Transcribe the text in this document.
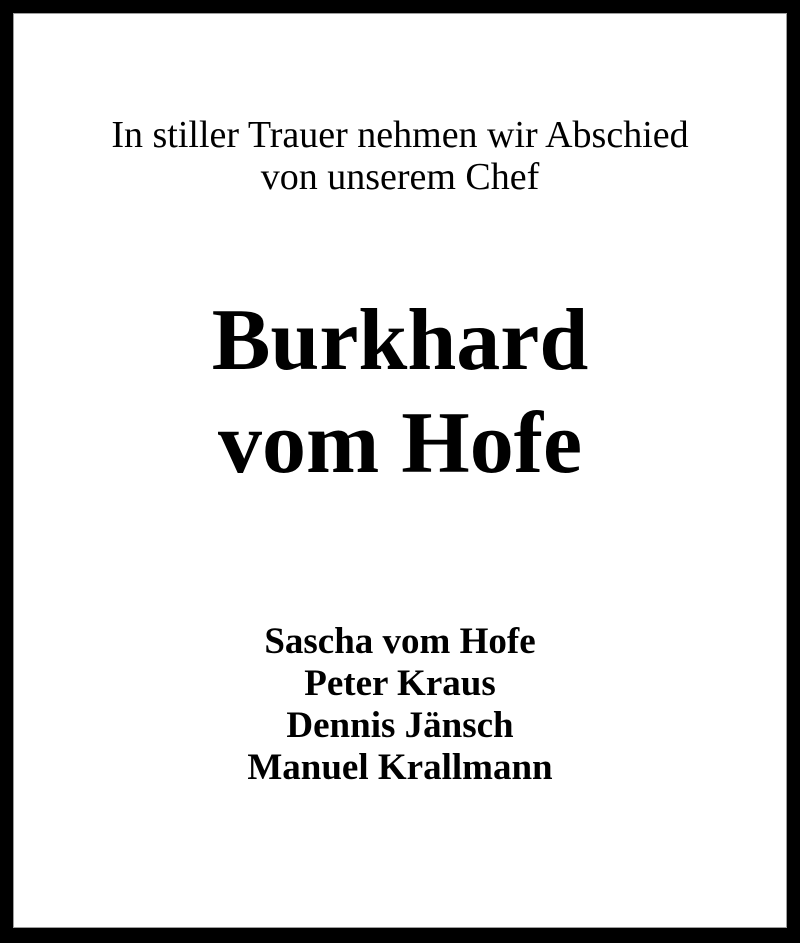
In stiller Trauer nehmen wir Abschied
von unserem Chef
Burkhard
vom Hofe
Sascha vom Hofe
Peter Kraus
Dennis Jänsch
Manuel Krallmann
